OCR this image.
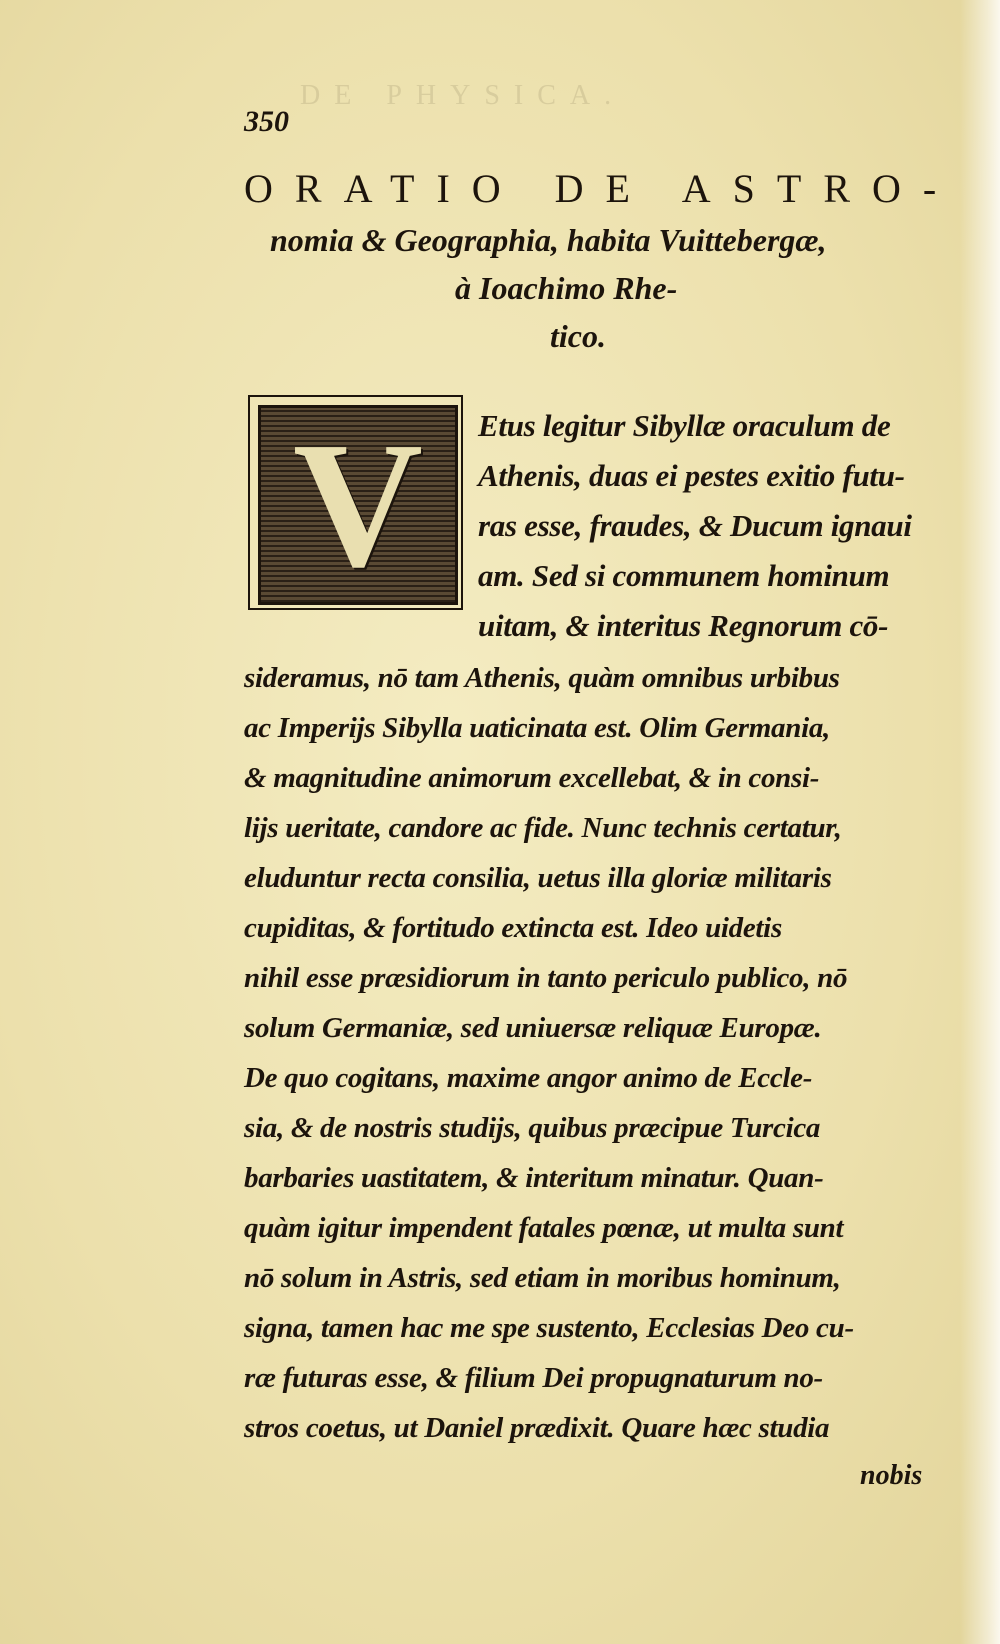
DE PHYSICA.
350
ORATIO DE ASTRO-
nomia & Geographia, habita Vuittebergæ,
à Ioachimo Rhe-
tico.
V	Etus legitur Sibyllæ oraculum de
Athenis, duas ei pestes exitio futu-
ras esse, fraudes, & Ducum ignaui
am. Sed si communem hominum
uitam, & interitus Regnorum cō-
sideramus, nō tam Athenis, quàm omnibus urbibus
ac Imperijs Sibylla uaticinata est. Olim Germania,
& magnitudine animorum excellebat, & in consi-
lijs ueritate, candore ac fide. Nunc technis certatur,
eluduntur recta consilia, uetus illa gloriæ militaris
cupiditas, & fortitudo extincta est. Ideo uidetis
nihil esse præsidiorum in tanto periculo publico, nō
solum Germaniæ, sed uniuersæ reliquæ Europæ.
De quo cogitans, maxime angor animo de Eccle-
sia, & de nostris studijs, quibus præcipue Turcica
barbaries uastitatem, & interitum minatur. Quan-
quàm igitur impendent fatales pœnæ, ut multa sunt
nō solum in Astris, sed etiam in moribus hominum,
signa, tamen hac me spe sustento, Ecclesias Deo cu-
ræ futuras esse, & filium Dei propugnaturum no-
stros coetus, ut Daniel prædixit. Quare hæc studia
nobis
